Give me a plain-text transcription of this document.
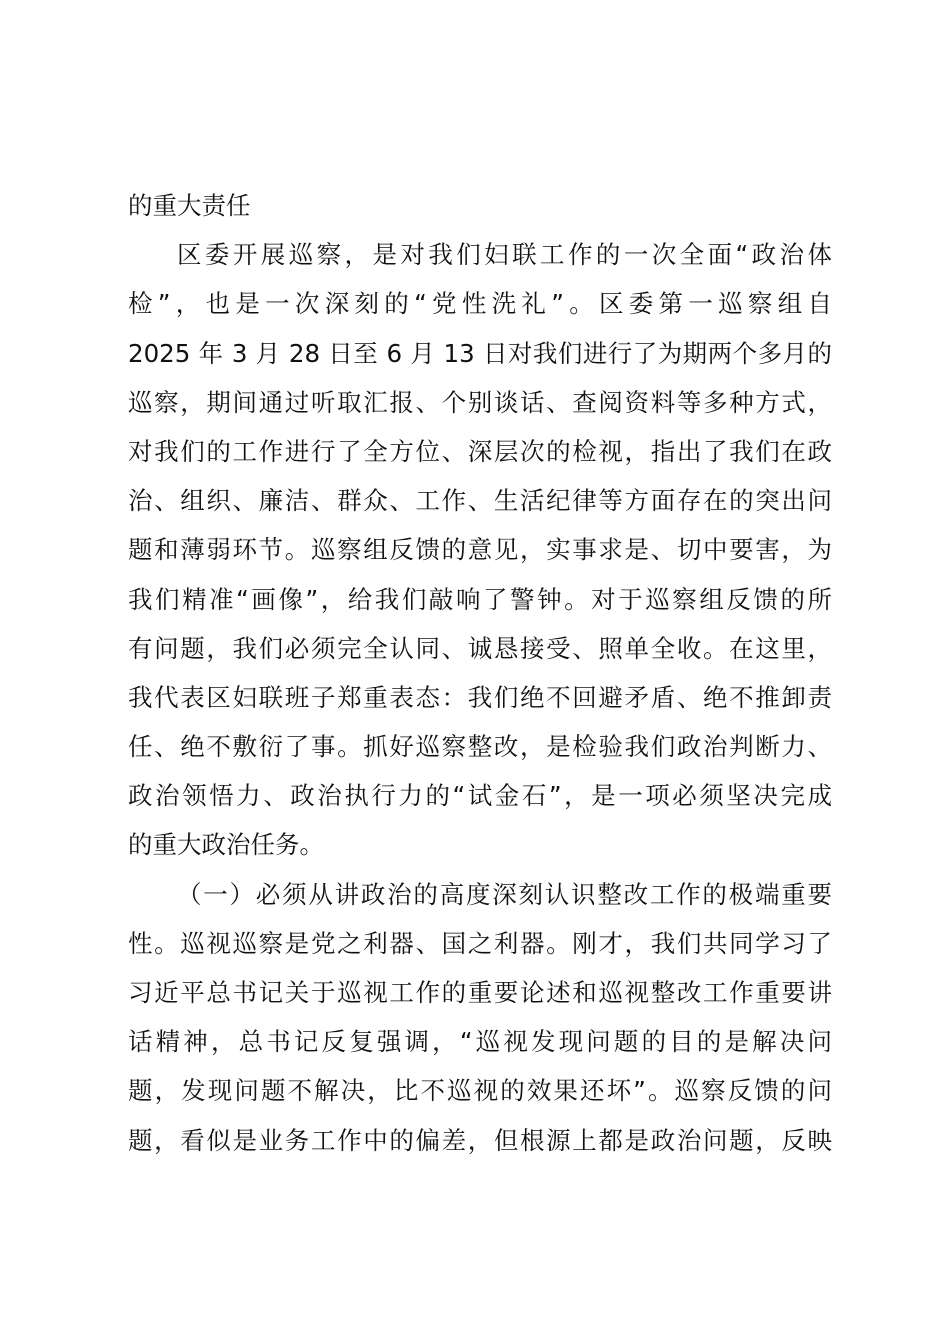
的重大责任
区委开展巡察，是对我们妇联工作的一次全面“政治体
检”，也是一次深刻的“党性洗礼”。区委第一巡察组自
2025 年 3 月 28 日至 6 月 13 日对我们进行了为期两个多月的
巡察，期间通过听取汇报、个别谈话、查阅资料等多种方式，
对我们的工作进行了全方位、深层次的检视，指出了我们在政
治、组织、廉洁、群众、工作、生活纪律等方面存在的突出问
题和薄弱环节。巡察组反馈的意见，实事求是、切中要害，为
我们精准“画像”，给我们敲响了警钟。对于巡察组反馈的所
有问题，我们必须完全认同、诚恳接受、照单全收。在这里，
我代表区妇联班子郑重表态：我们绝不回避矛盾、绝不推卸责
任、绝不敷衍了事。抓好巡察整改，是检验我们政治判断力、
政治领悟力、政治执行力的“试金石”，是一项必须坚决完成
的重大政治任务。
（一）必须从讲政治的高度深刻认识整改工作的极端重要
性。巡视巡察是党之利器、国之利器。刚才，我们共同学习了
习近平总书记关于巡视工作的重要论述和巡视整改工作重要讲
话精神，总书记反复强调，“巡视发现问题的目的是解决问
题，发现问题不解决，比不巡视的效果还坏”。巡察反馈的问
题，看似是业务工作中的偏差，但根源上都是政治问题，反映
